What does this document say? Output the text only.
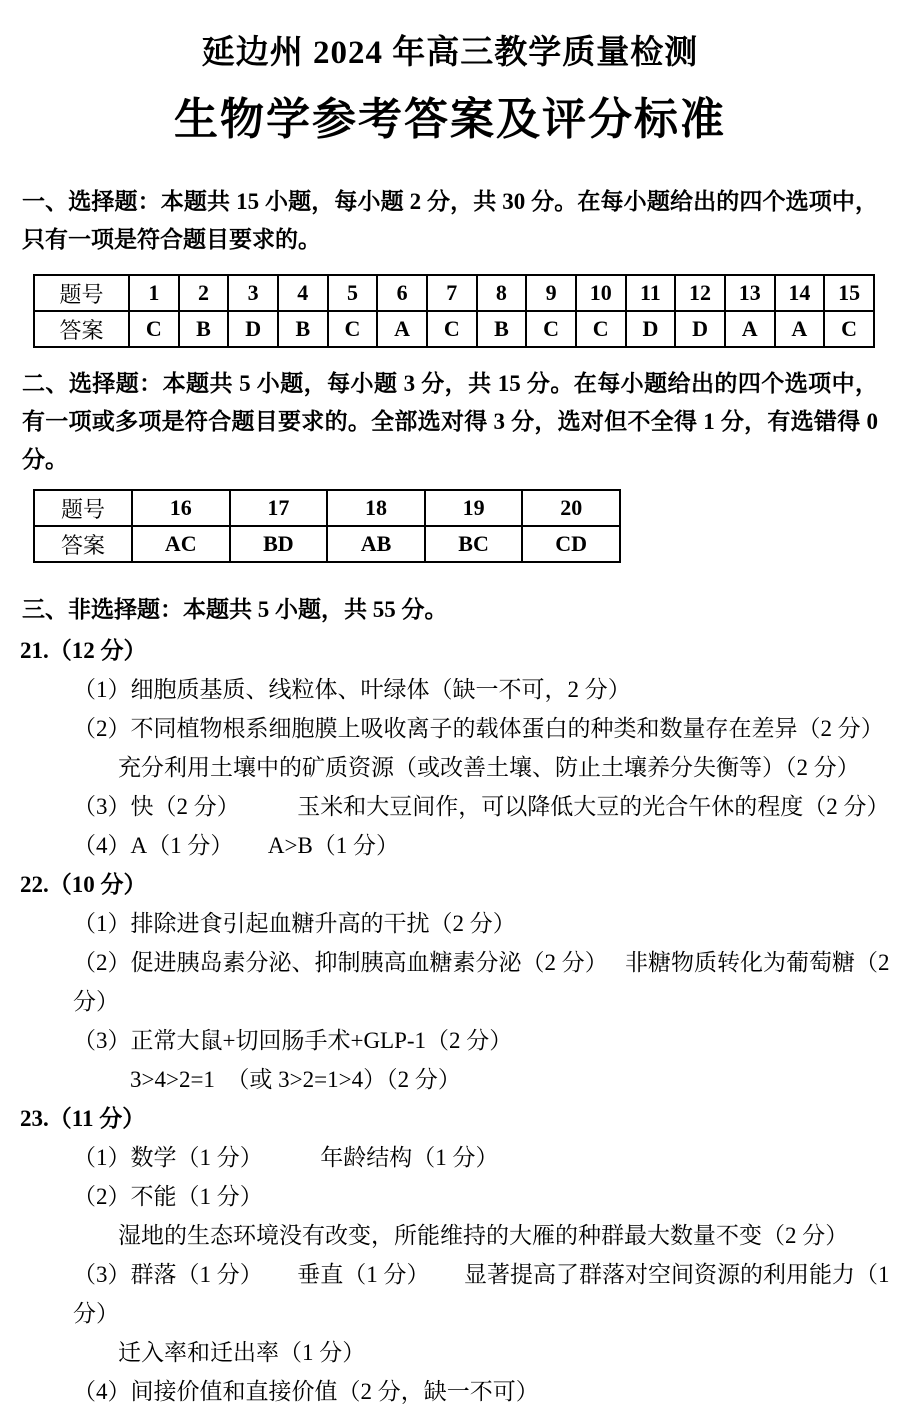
延边州 2024 年高三教学质量检测
生物学参考答案及评分标准
一、选择题：本题共 15 小题，每小题 2 分，共 30 分。在每小题给出的四个选项中，只有一项是符合题目要求的。
题号	1	2	3	4	5	6	7	8	9	10	11	12	13	14	15
答案	C	B	D	B	C	A	C	B	C	C	D	D	A	A	C
二、选择题：本题共 5 小题，每小题 3 分，共 15 分。在每小题给出的四个选项中，有一项或多项是符合题目要求的。全部选对得 3 分，选对但不全得 1 分，有选错得 0 分。
题号	16	17	18	19	20
答案	AC	BD	AB	BC	CD
三、非选择题：本题共 5 小题，共 55 分。
21.（12 分）
（1）细胞质基质、线粒体、叶绿体（缺一不可，2 分）
（2）不同植物根系细胞膜上吸收离子的载体蛋白的种类和数量存在差异（2 分）
充分利用土壤中的矿质资源（或改善土壤、防止土壤养分失衡等）（2 分）
（3）快（2 分）　　　玉米和大豆间作，可以降低大豆的光合午休的程度（2 分）
（4）A（1 分）　　A>B（1 分）
22.（10 分）
（1）排除进食引起血糖升高的干扰（2 分）
（2）促进胰岛素分泌、抑制胰高血糖素分泌（2 分）　 非糖物质转化为葡萄糖（2 分）
（3）正常大鼠+切回肠手术+GLP-1（2 分）
3>4>2=1　（或 3>2=1>4）（2 分）
23.（11 分）
（1）数学（1 分）　　　年龄结构（1 分）
（2）不能（1 分）
湿地的生态环境没有改变，所能维持的大雁的种群最大数量不变（2 分）
（3）群落（1 分）　　垂直（1 分）　　显著提高了群落对空间资源的利用能力（1 分）
迁入率和迁出率（1 分）
（4）间接价值和直接价值（2 分，缺一不可）
